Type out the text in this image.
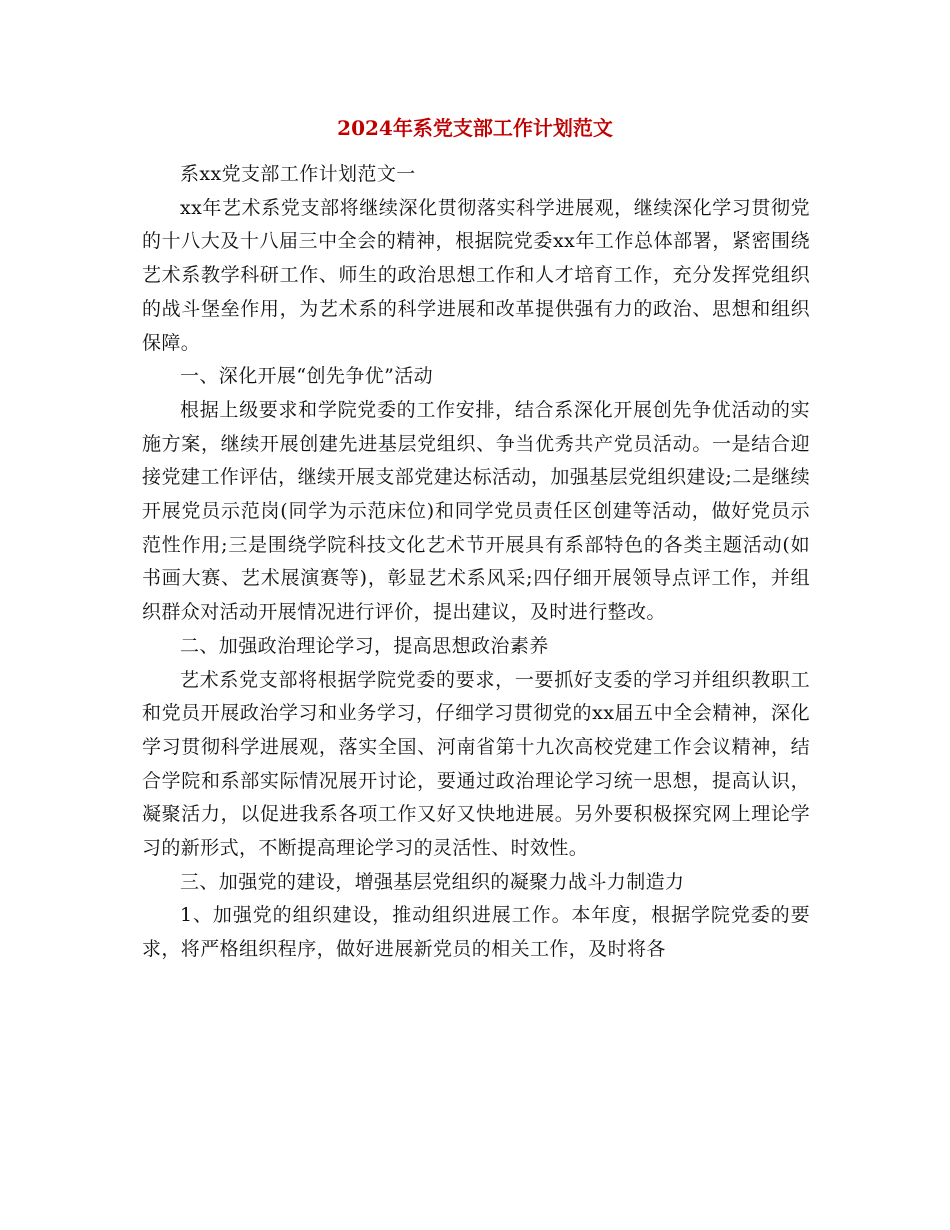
2024年系党支部工作计划范文

系xx党支部工作计划范文一

xx年艺术系党支部将继续深化贯彻落实科学进展观，继续深化学习贯彻党的十八大及十八届三中全会的精神，根据院党委xx年工作总体部署，紧密围绕艺术系教学科研工作、师生的政治思想工作和人才培育工作，充分发挥党组织的战斗堡垒作用，为艺术系的科学进展和改革提供强有力的政治、思想和组织保障。

一、深化开展“创先争优”活动

根据上级要求和学院党委的工作安排，结合系深化开展创先争优活动的实施方案，继续开展创建先进基层党组织、争当优秀共产党员活动。一是结合迎接党建工作评估，继续开展支部党建达标活动，加强基层党组织建设;二是继续开展党员示范岗(同学为示范床位)和同学党员责任区创建等活动，做好党员示范性作用;三是围绕学院科技文化艺术节开展具有系部特色的各类主题活动(如书画大赛、艺术展演赛等)，彰显艺术系风采;四仔细开展领导点评工作，并组织群众对活动开展情况进行评价，提出建议，及时进行整改。

二、加强政治理论学习，提高思想政治素养

艺术系党支部将根据学院党委的要求，一要抓好支委的学习并组织教职工和党员开展政治学习和业务学习，仔细学习贯彻党的xx届五中全会精神，深化学习贯彻科学进展观，落实全国、河南省第十九次高校党建工作会议精神，结合学院和系部实际情况展开讨论，要通过政治理论学习统一思想，提高认识，凝聚活力，以促进我系各项工作又好又快地进展。另外要积极探究网上理论学习的新形式，不断提高理论学习的灵活性、时效性。

三、加强党的建设，增强基层党组织的凝聚力战斗力制造力

1、加强党的组织建设，推动组织进展工作。本年度，根据学院党委的要求，将严格组织程序，做好进展新党员的相关工作，及时将各
